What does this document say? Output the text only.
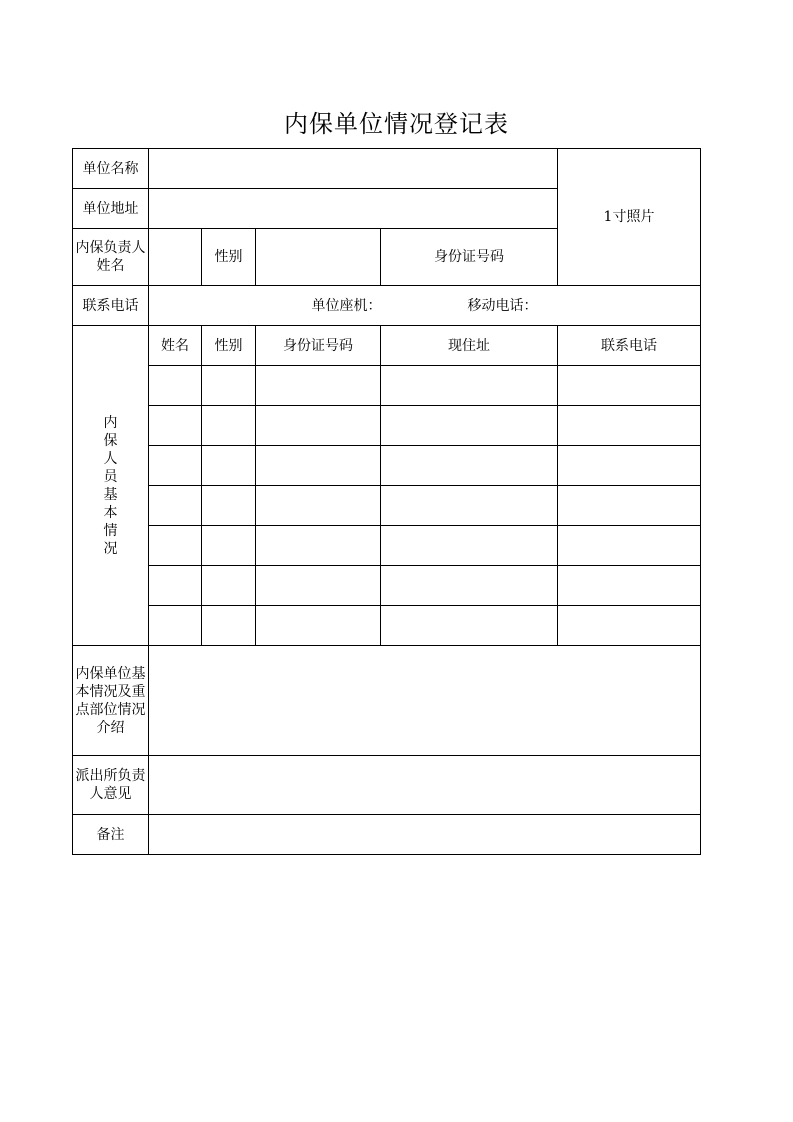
内保单位情况登记表
单位名称					1寸照片
单位地址					
内保负责人姓名		性别		身份证号码	
联系电话	单位座机： 移动电话：				
内保人员基本情况	姓名	性别	身份证号码	现住址	联系电话

内保单位基本情况及重点部位情况介绍					
派出所负责人意见					
备注					
